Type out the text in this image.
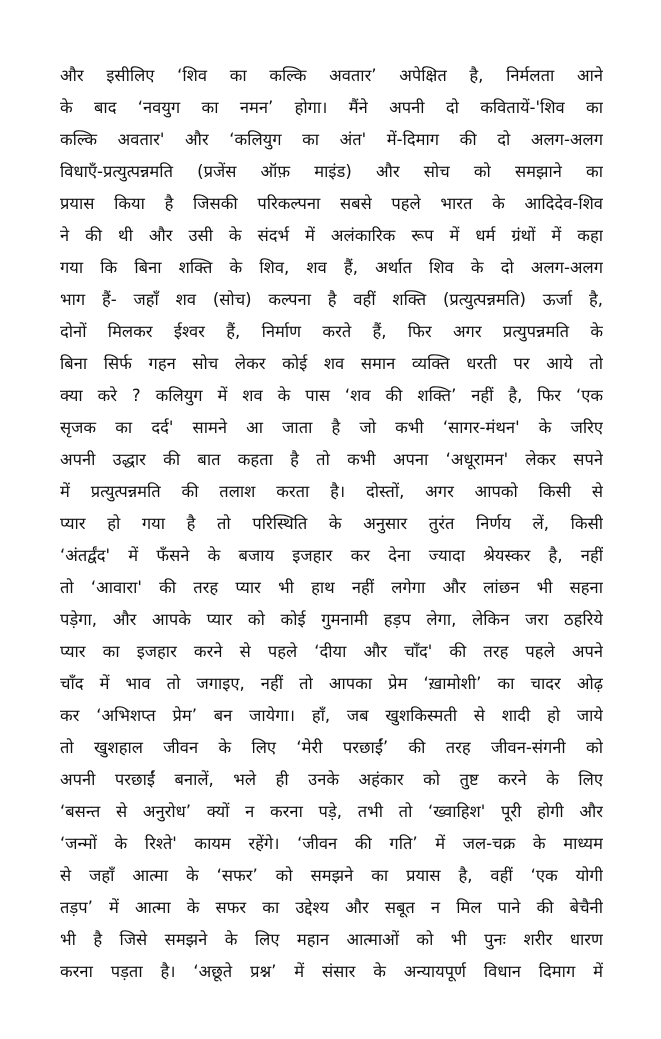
और इसीलिए ‘शिव का कल्कि अवतार’ अपेक्षित है, निर्मलता आने
के बाद ‘नवयुग का नमन’ होगा। मैंने अपनी दो कवितायें-'शिव का
कल्कि अवतार' और ‘कलियुग का अंत' में-दिमाग की दो अलग-अलग
विधाएँ-प्रत्युत्पन्नमति (प्रजेंस ऑफ़ माइंड) और सोच को समझाने का
प्रयास किया है जिसकी परिकल्पना सबसे पहले भारत के आदिदेव-शिव
ने की थी और उसी के संदर्भ में अलंकारिक रूप में धर्म ग्रंथों में कहा
गया कि बिना शक्ति के शिव, शव हैं, अर्थात शिव के दो अलग-अलग
भाग हैं- जहाँ शव (सोच) कल्पना है वहीं शक्ति (प्रत्युत्पन्नमति) ऊर्जा है,
दोनों मिलकर ईश्वर हैं, निर्माण करते हैं, फिर अगर प्रत्युपन्नमति के
बिना सिर्फ गहन सोच लेकर कोई शव समान व्यक्ति धरती पर आये तो
क्या करे ? कलियुग में शव के पास ‘शव की शक्ति’ नहीं है, फिर ‘एक
सृजक का दर्द' सामने आ जाता है जो कभी ‘सागर-मंथन' के जरिए
अपनी उद्धार की बात कहता है तो कभी अपना ‘अधूरामन' लेकर सपने
में प्रत्युत्पन्नमति की तलाश करता है। दोस्तों, अगर आपको किसी से
प्यार हो गया है तो परिस्थिति के अनुसार तुरंत निर्णय लें, किसी
‘अंतर्द्वंद' में फँसने के बजाय इजहार कर देना ज्यादा श्रेयस्कर है, नहीं
तो ‘आवारा' की तरह प्यार भी हाथ नहीं लगेगा और लांछन भी सहना
पड़ेगा, और आपके प्यार को कोई गुमनामी हड़प लेगा, लेकिन जरा ठहरिये
प्यार का इजहार करने से पहले ‘दीया और चाँद' की तरह पहले अपने
चाँद में भाव तो जगाइए, नहीं तो आपका प्रेम ‘ख़ामोशी’ का चादर ओढ़
कर ‘अभिशप्त प्रेम’ बन जायेगा। हाँ, जब खुशकिस्मती से शादी हो जाये
तो खुशहाल जीवन के लिए ‘मेरी परछाईं’ की तरह जीवन-संगनी को
अपनी परछाईं बनालें, भले ही उनके अहंकार को तुष्ट करने के लिए
‘बसन्त से अनुरोध’ क्यों न करना पड़े, तभी तो ‘ख्वाहिश' पूरी होगी और
‘जन्मों के रिश्ते' कायम रहेंगे। ‘जीवन की गति’ में जल-चक्र के माध्यम
से जहाँ आत्मा के ‘सफर’ को समझने का प्रयास है, वहीं ‘एक योगी
तड़प’ में आत्मा के सफर का उद्देश्य और सबूत न मिल पाने की बेचैनी
भी है जिसे समझने के लिए महान आत्माओं को भी पुनः शरीर धारण
करना पड़ता है। ‘अछूते प्रश्न’ में संसार के अन्यायपूर्ण विधान दिमाग में
